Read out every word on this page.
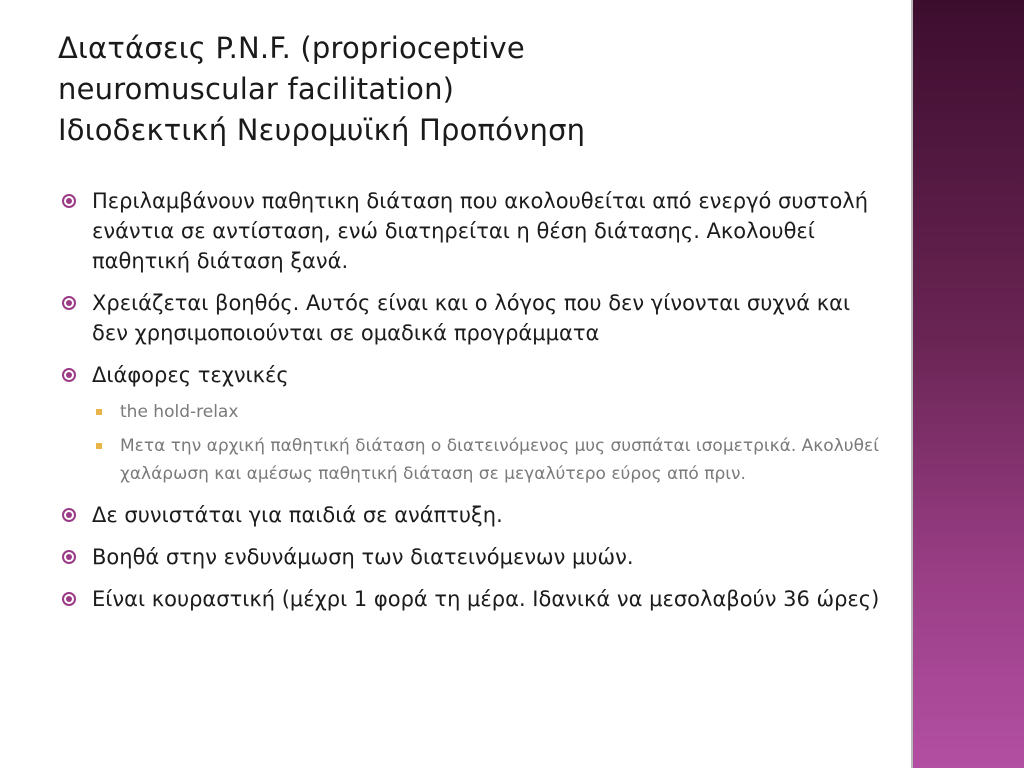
Διατάσεις P.N.F. (proprioceptive
neuromuscular facilitation)
Ιδιοδεκτική Νευρομυϊκή Προπόνηση
Περιλαμβάνουν παθητικη διάταση που ακολουθείται από ενεργό συστολή ενάντια σε αντίσταση, ενώ διατηρείται η θέση διάτασης. Ακολουθεί παθητική διάταση ξανά.
Χρειάζεται βοηθός. Αυτός είναι και ο λόγος που δεν γίνονται συχνά και δεν χρησιμοποιούνται σε ομαδικά προγράμματα
Διάφορες τεχνικές
the hold-relax
Μετα την αρχική παθητική διάταση ο διατεινόμενος μυς συσπάται ισομετρικά. Ακολυθεί χαλάρωση και αμέσως παθητική διάταση σε μεγαλύτερο εύρος από πριν.
Δε συνιστάται για παιδιά σε ανάπτυξη.
Βοηθά στην ενδυνάμωση των διατεινόμενων μυών.
Είναι κουραστική (μέχρι 1 φορά τη μέρα. Ιδανικά να μεσολαβούν 36 ώρες)
